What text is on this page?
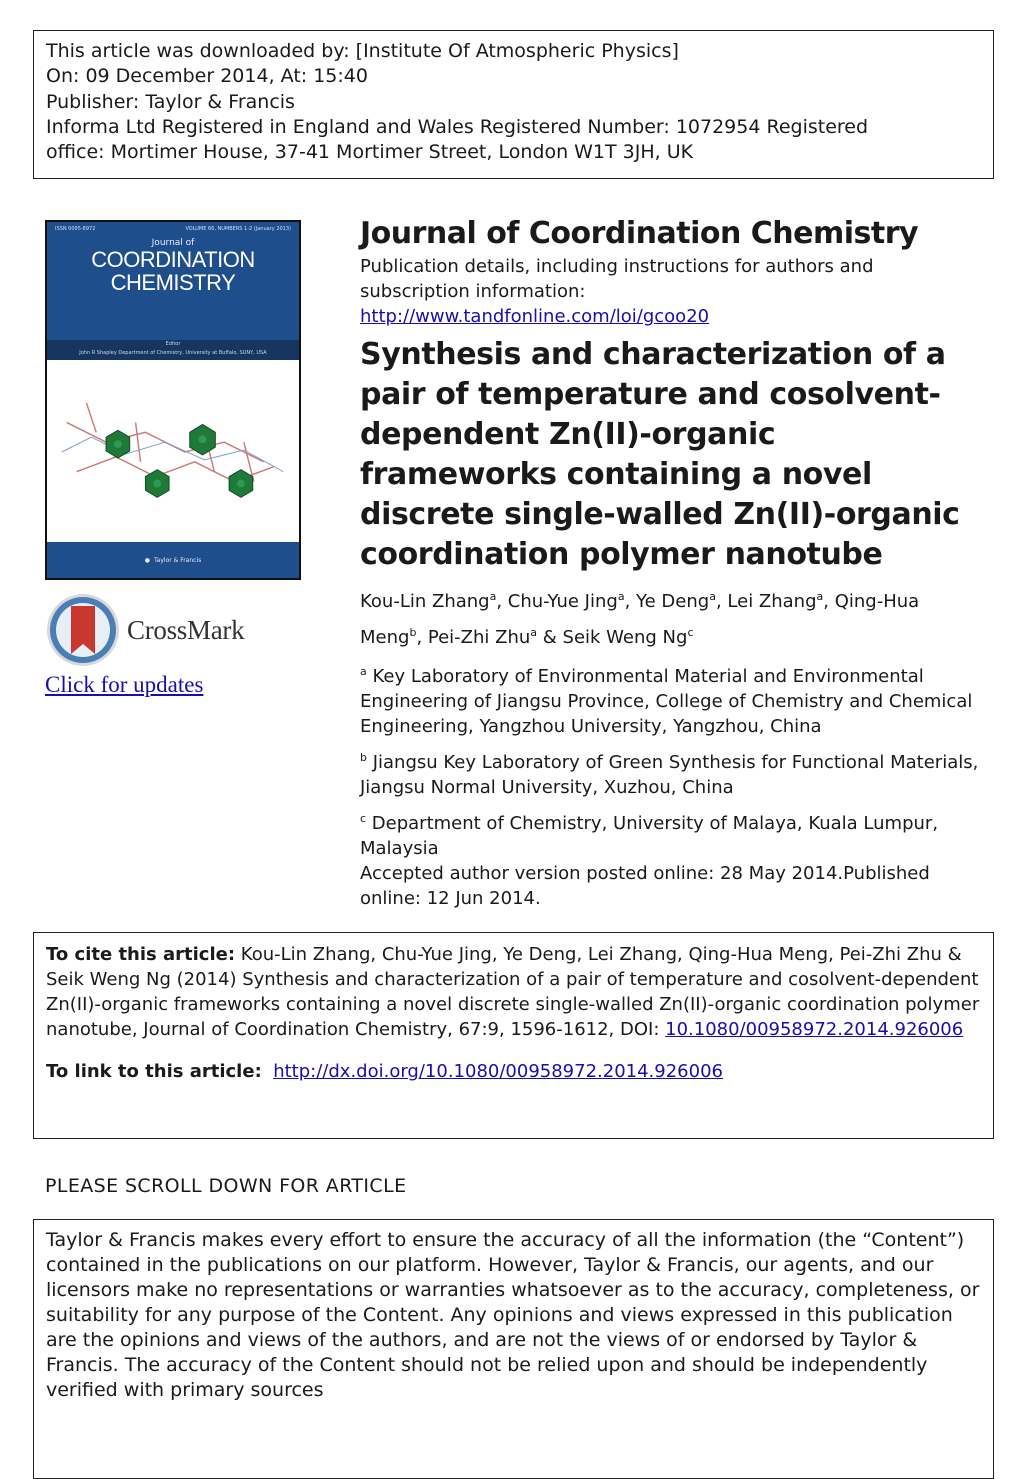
This article was downloaded by: [Institute Of Atmospheric Physics]
On: 09 December 2014, At: 15:40
Publisher: Taylor & Francis
Informa Ltd Registered in England and Wales Registered Number: 1072954 Registered
office: Mortimer House, 37-41 Mortimer Street, London W1T 3JH, UK
ISSN 0095-8972	VOLUME 66, NUMBERS 1-2 (January 2013)
Journal of
COORDINATION
CHEMISTRY
Editor
John R Shapley Department of Chemistry, University at Buffalo, SUNY, USA
● Taylor & Francis
CrossMark
Click for updates
Journal of Coordination Chemistry
Publication details, including instructions for authors and subscription information:
http://www.tandfonline.com/loi/gcoo20
Synthesis and characterization of a pair of temperature and cosolvent-dependent Zn(II)-organic frameworks containing a novel discrete single-walled Zn(II)-organic coordination polymer nanotube
Kou-Lin Zhang$^a$, Chu-Yue Jing$^a$, Ye Deng$^a$, Lei Zhang$^a$, Qing-Hua Meng$^b$, Pei-Zhi Zhu$^a$ & Seik Weng Ng$^c$
$^a$ Key Laboratory of Environmental Material and Environmental Engineering of Jiangsu Province, College of Chemistry and Chemical Engineering, Yangzhou University, Yangzhou, China
$^b$ Jiangsu Key Laboratory of Green Synthesis for Functional Materials, Jiangsu Normal University, Xuzhou, China
$^c$ Department of Chemistry, University of Malaya, Kuala Lumpur, Malaysia
Accepted author version posted online: 28 May 2014.Published online: 12 Jun 2014.
To cite this article: Kou-Lin Zhang, Chu-Yue Jing, Ye Deng, Lei Zhang, Qing-Hua Meng, Pei-Zhi Zhu & Seik Weng Ng (2014) Synthesis and characterization of a pair of temperature and cosolvent-dependent Zn(II)-organic frameworks containing a novel discrete single-walled Zn(II)-organic coordination polymer nanotube, Journal of Coordination Chemistry, 67:9, 1596-1612, DOI: 10.1080/00958972.2014.926006
To link to this article: http://dx.doi.org/10.1080/00958972.2014.926006
PLEASE SCROLL DOWN FOR ARTICLE
Taylor & Francis makes every effort to ensure the accuracy of all the information (the “Content”) contained in the publications on our platform. However, Taylor & Francis, our agents, and our licensors make no representations or warranties whatsoever as to the accuracy, completeness, or suitability for any purpose of the Content. Any opinions and views expressed in this publication are the opinions and views of the authors, and are not the views of or endorsed by Taylor & Francis. The accuracy of the Content should not be relied upon and should be independently verified with primary sources
